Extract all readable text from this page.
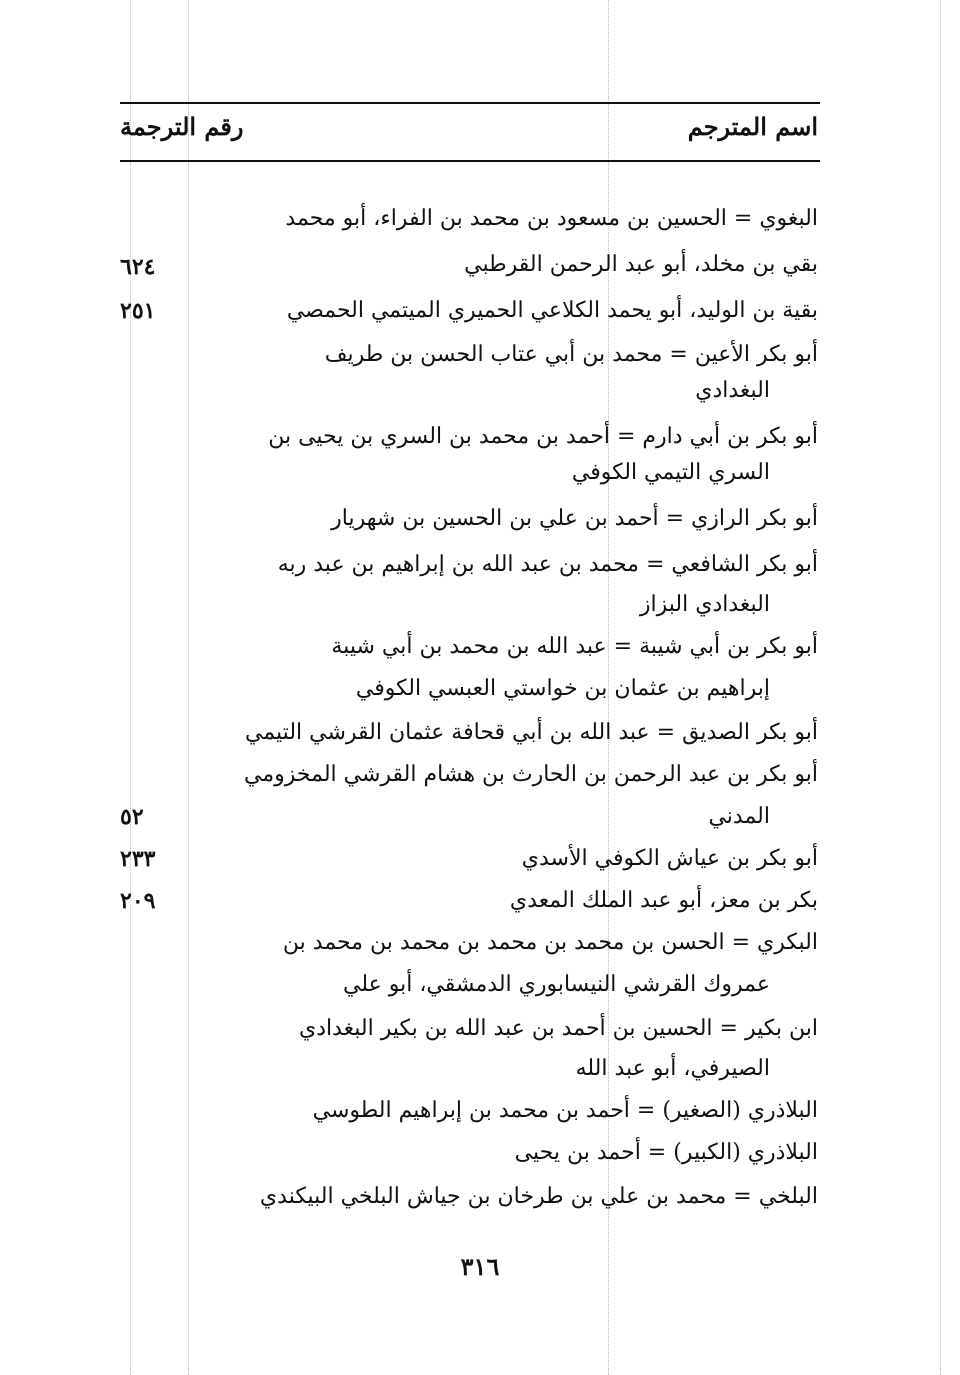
اسم المترجم
رقم الترجمة
البغوي = الحسين بن مسعود بن محمد بن الفراء، أبو محمد
بقي بن مخلد، أبو عبد الرحمن القرطبي
بقية بن الوليد، أبو يحمد الكلاعي الحميري الميتمي الحمصي
أبو بكر الأعين = محمد بن أبي عتاب الحسن بن طريف
البغدادي
أبو بكر بن أبي دارم = أحمد بن محمد بن السري بن يحيى بن
السري التيمي الكوفي
أبو بكر الرازي = أحمد بن علي بن الحسين بن شهريار
أبو بكر الشافعي = محمد بن عبد الله بن إبراهيم بن عبد ربه
البغدادي البزاز
أبو بكر بن أبي شيبة = عبد الله بن محمد بن أبي شيبة
إبراهيم بن عثمان بن خواستي العبسي الكوفي
أبو بكر الصديق = عبد الله بن أبي قحافة عثمان القرشي التيمي
أبو بكر بن عبد الرحمن بن الحارث بن هشام القرشي المخزومي
المدني
أبو بكر بن عياش الكوفي الأسدي
بكر بن معز، أبو عبد الملك المعدي
البكري = الحسن بن محمد بن محمد بن محمد بن محمد بن
عمروك القرشي النيسابوري الدمشقي، أبو علي
ابن بكير = الحسين بن أحمد بن عبد الله بن بكير البغدادي
الصيرفي، أبو عبد الله
البلاذري (الصغير) = أحمد بن محمد بن إبراهيم الطوسي
البلاذري (الكبير) = أحمد بن يحيى
البلخي = محمد بن علي بن طرخان بن جياش البلخي البيكندي
٦٢٤
٢٥١
٥٢
٢٣٣
٢٠٩
٣١٦
